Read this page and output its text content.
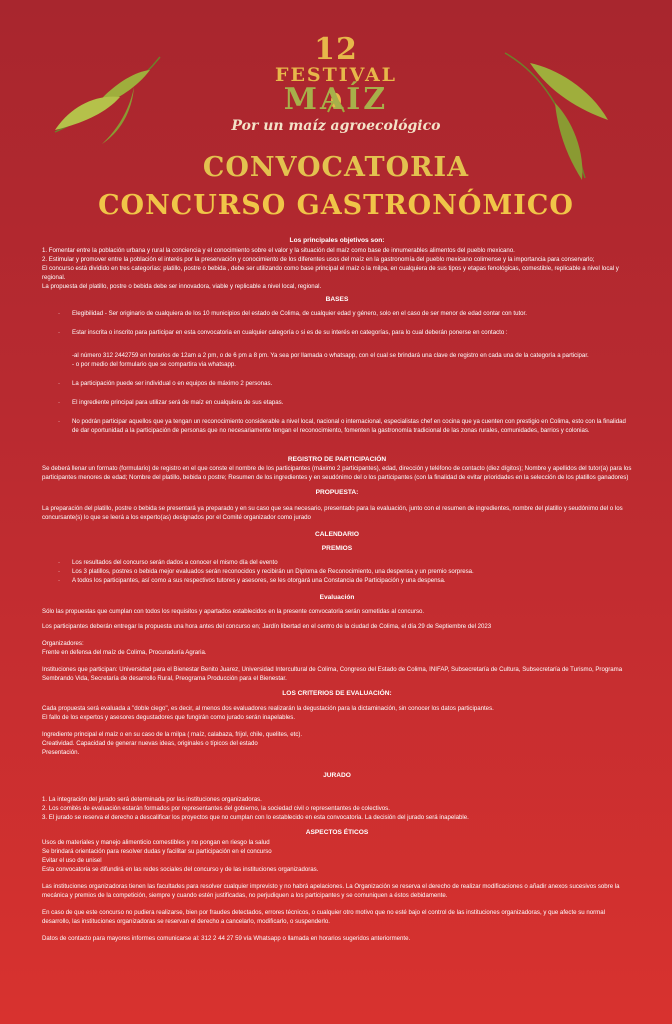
12
FESTIVAL
MAÍZ
Por un maíz agroecológico
CONVOCATORIA
CONCURSO GASTRONÓMICO

Los principales objetivos son:

1. Fomentar entre la población urbana y rural la conciencia y el conocimiento sobre el valor y la situación del maíz como base de innumerables alimentos del pueblo mexicano.

2. Estimular y promover entre la población el interés por la preservación y conocimiento de los diferentes usos del maíz en la gastronomía del pueblo mexicano colimense y la importancia para conservarlo;

El concurso está dividido en tres categorías: platillo, postre o bebida , debe ser utilizando como base principal el maíz o la milpa, en cualquiera de sus tipos y etapas fenológicas, comestible, replicable a nivel local y regional.

La propuesta del platillo, postre o bebida debe ser innovadora, viable y replicable a nivel local, regional.

BASES

· Elegibilidad - Ser originario de cualquiera de los 10 municipios del estado de Colima, de cualquier edad y género, solo en el caso de ser menor de edad contar con tutor.

· Estar inscrita o inscrito para participar en esta convocatoria en cualquier categoría o si es de su interés en categorías, para lo cual deberán ponerse en contacto :

-al número 312 2442759 en horarios de 12am a 2 pm, o de 6 pm a 8 pm. Ya sea por llamada o whatsapp, con el cual se brindará una clave de registro en cada una de la categoría a participar.

- o por medio del formulario que se compartira via whatsapp.

· La participación puede ser individual o en equipos de máximo 2 personas.

· El ingrediente principal para utilizar será de maíz en cualquiera de sus etapas.

· No podrán participar aquellos que ya tengan un reconocimiento considerable a nivel local, nacional o internacional, especialistas chef en cocina que ya cuenten con prestigio en Colima, esto con la finalidad de dar oportunidad a la participación de personas que no necesariamente tengan el reconocimiento, fomenten la gastronomía tradicional de las zonas rurales, comunidades, barrios y colonias.

REGISTRO DE PARTICIPACIÓN

Se deberá llenar un formato (formulario) de registro en el que conste el nombre de los participantes (máximo 2 participantes), edad, dirección y teléfono de contacto (diez dígitos); Nombre y apellidos del tutor(a) para los participantes menores de edad; Nombre del platillo, bebida o postre; Resumen de los ingredientes y en seudónimo del o los participantes (con la finalidad de evitar prioridades en la selección de los platillos ganadores)

PROPUESTA:

La preparación del platillo, postre o bebida se presentará ya preparado y en su caso que sea necesario, presentado para la evaluación, junto con el resumen de ingredientes, nombre del platillo y seudónimo del o los concursante(s) lo que se leerá a los experto(as) designados por el Comité organizador como jurado

CALENDARIO

PREMIOS

· Los resultados del concurso serán dados a conocer el mismo día del evento

· Los 3 platillos, postres o bebida mejor evaluados serán reconocidos y recibirán un Diploma de Reconocimiento, una despensa y un premio sorpresa.

· A todos los participantes, así como a sus respectivos tutores y asesores, se les otorgará una Constancia de Participación y una despensa.

Evaluación

Sólo las propuestas que cumplan con todos los requisitos y apartados establecidos en la presente convocatoria serán sometidas al concurso.

Los participantes deberán entregar la propuesta una hora antes del concurso en; Jardín libertad en el centro de la ciudad de Colima, el día 29 de Septiembre del 2023

Organizadores:

Frente en defensa del maíz de Colima, Procuraduría Agraria.

Instituciones que participan: Universidad para el Bienestar Benito Juarez, Universidad Intercultural de Colima, Congreso del Estado de Colima, INIFAP, Subsecretaría de Cultura, Subsecretaría de Turismo, Programa Sembrando Vida, Secretaría de desarrollo Rural, Preograma Producción para el Bienestar.

LOS CRITERIOS DE EVALUACIÓN:

Cada propuesta será evaluada a "doble ciego", es decir, al menos dos evaluadores realizarán la degustación para la dictaminación, sin conocer los datos participantes.

El fallo de los expertos y asesores degustadores que fungirán como jurado serán inapelables.

Ingrediente principal el maíz o en su caso de la milpa ( maíz, calabaza, frijol, chile, quelites, etc).

Creatividad. Capacidad de generar nuevas ideas, originales o típicos del estado

Presentación.

JURADO

1. La integración del jurado será determinada por las instituciones organizadoras.

2. Los comités de evaluación estarán formados por representantes del gobierno, la sociedad civil o representantes de colectivos.

3. El jurado se reserva el derecho a descalificar los proyectos que no cumplan con lo establecido en esta convocatoria. La decisión del jurado será inapelable.

ASPECTOS ÉTICOS

Usos de materiales y manejo alimenticio comestibles y no pongan en riesgo la salud

Se brindará orientación para resolver dudas y facilitar su participación en el concurso

Evitar el uso de unisel

Esta convocatoria se difundirá en las redes sociales del concurso y de las instituciones organizadoras.

Las instituciones organizadoras tienen las facultades para resolver cualquier imprevisto y no habrá apelaciones. La Organización se reserva el derecho de realizar modificaciones o añadir anexos sucesivos sobre la mecánica y premios de la competición, siempre y cuando estén justificadas, no perjudiquen a los participantes y se comuniquen a éstos debidamente.

En caso de que este concurso no pudiera realizarse, bien por fraudes detectados, errores técnicos, o cualquier otro motivo que no esté bajo el control de las instituciones organizadoras, y que afecte su normal desarrollo, las instituciones organizadoras se reservan el derecho a cancelarlo, modificarlo, o suspenderlo.

Datos de contacto para mayores informes comunicarse al: 312 2 44 27 59 vía Whatsapp o llamada en horarios sugeridos anteriormente.
